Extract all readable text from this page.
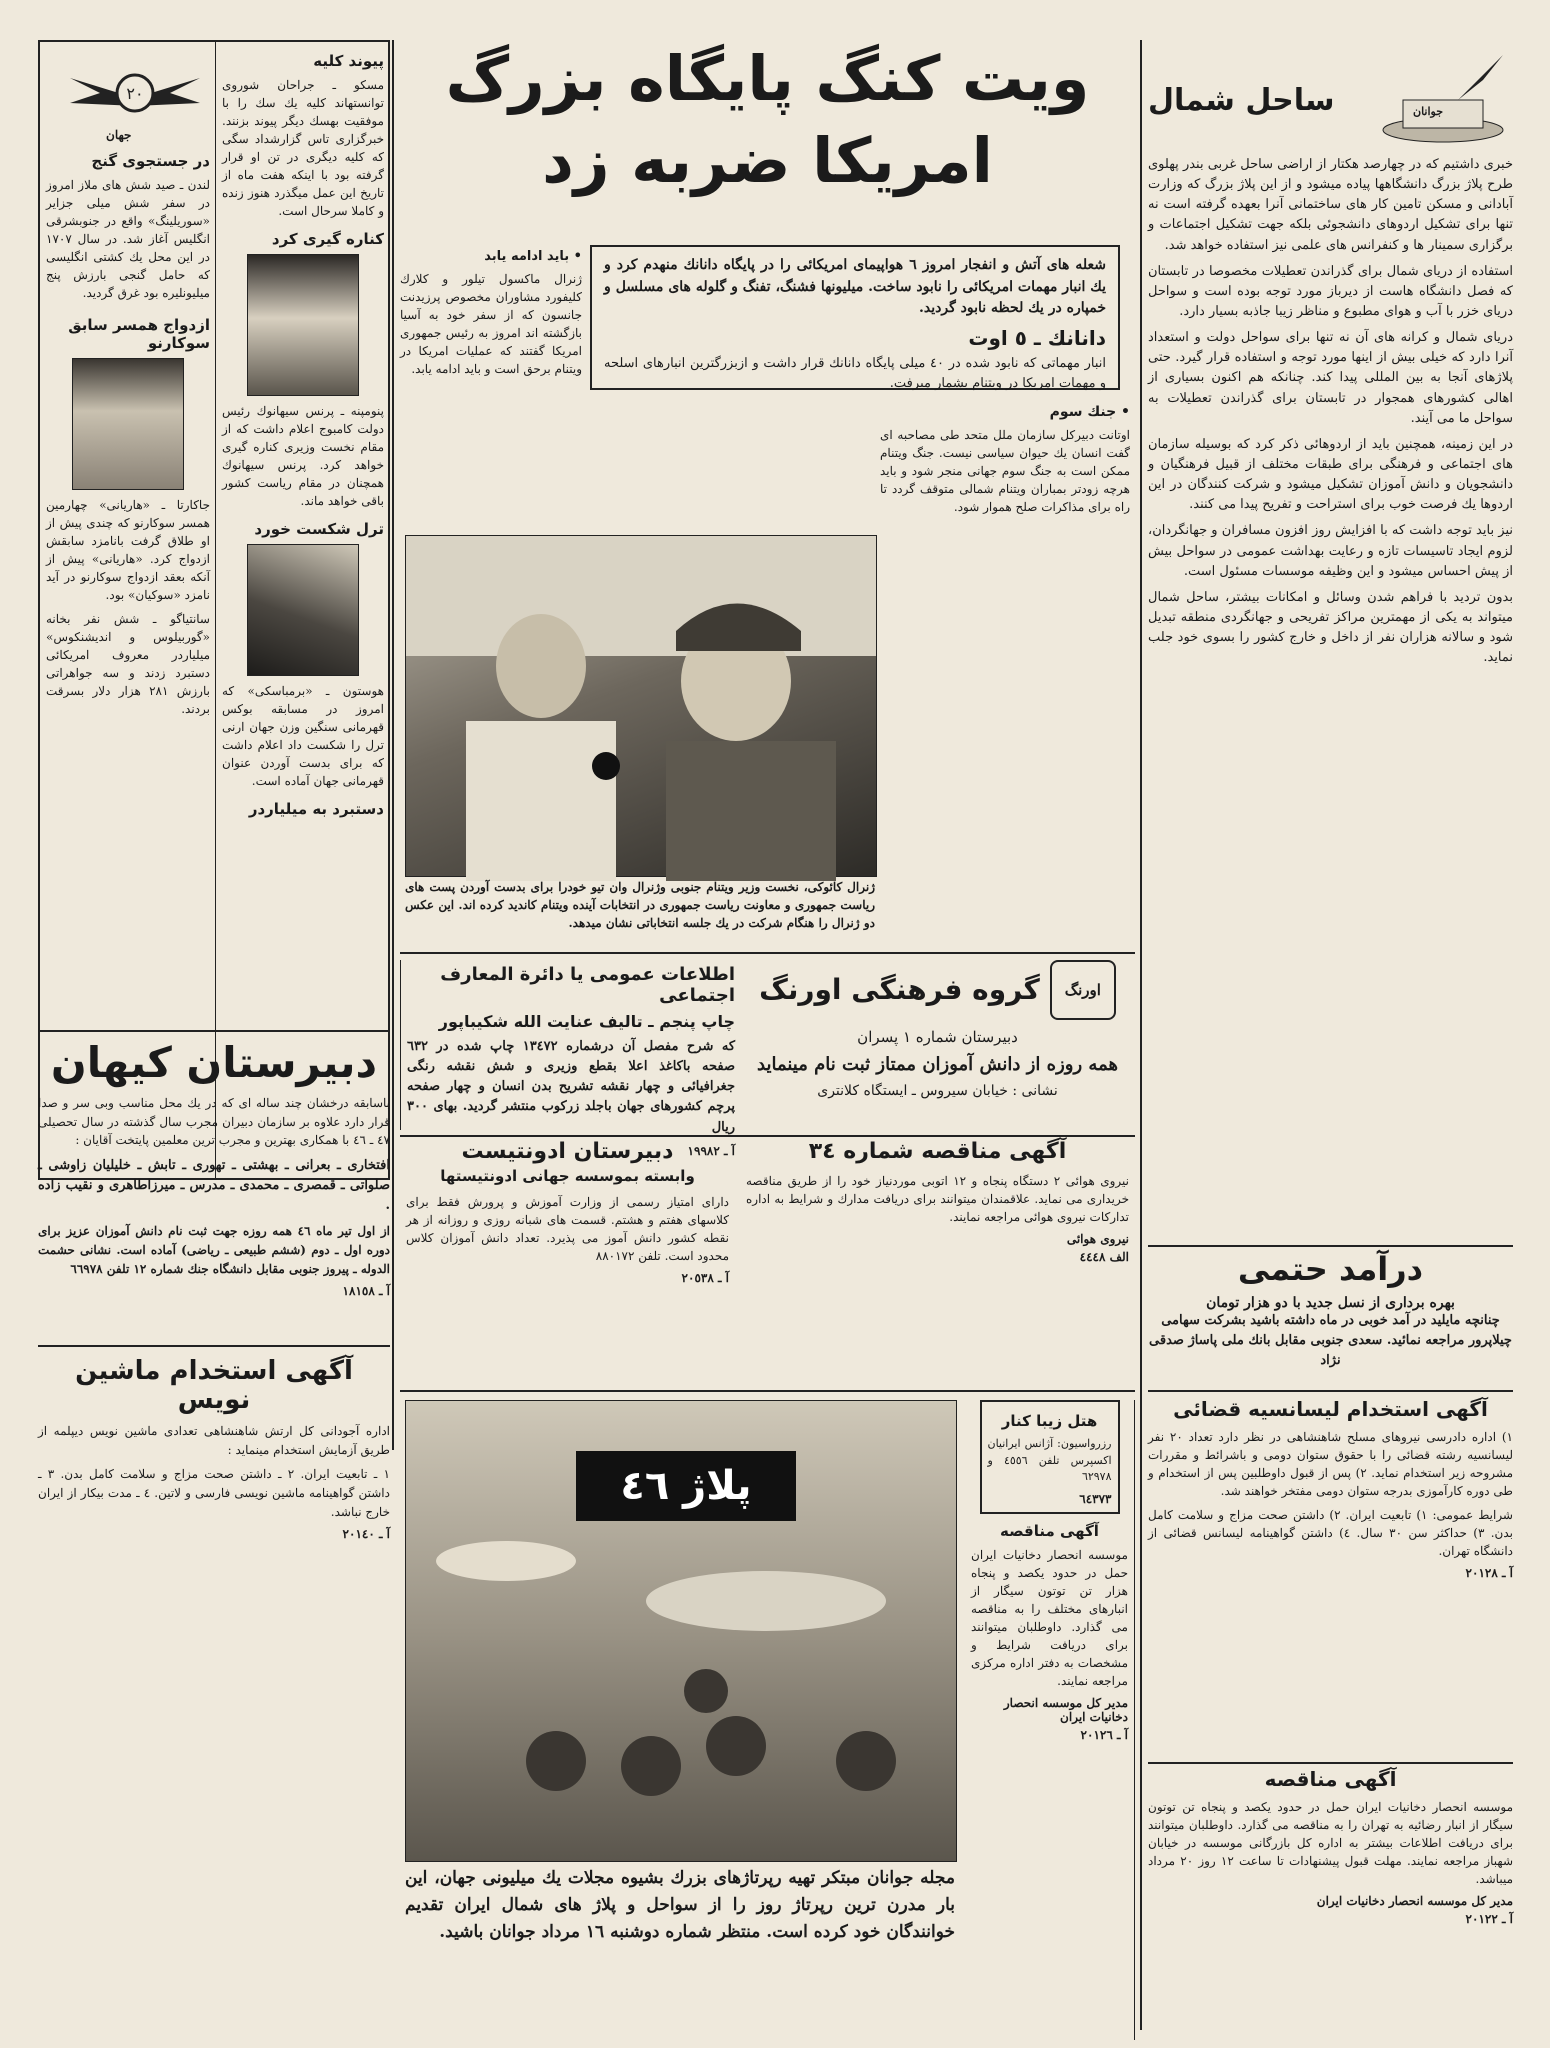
٢٠
جهان
در جستجوی گنج

لندن ـ صید شش های ملاز امروز در سفر شش میلی جزایر «سوریلینگ» واقع در جنوبشرقی انگلیس آغاز شد. در سال ۱۷۰۷ در این محل یك کشتی انگلیسی که حامل گنجی بارزش پنج میلیونلیره بود غرق گردید.

ازدواج همسر سابق سوکارنو

جاکارتا ـ «هاریانی» چهارمین همسر سوکارنو که چندی پیش از او طلاق گرفت بانامزد سابقش ازدواج کرد. «هاریانی» پیش از آنکه بعقد ازدواج سوکارنو در آید نامزد «سوکیان» بود.

سانتیاگو ـ شش نفر بخانه «گوربیلوس و اندیشنکوس» میلیاردر معروف امریکائی دستبرد زدند و سه جواهراتی بارزش ۲۸۱ هزار دلار بسرقت بردند.

پیوند کلیه

مسکو ـ جراحان شوروی توانستهاند کلیه یك سك را با موفقیت بهسك دیگر پیوند بزنند. خبرگزاری تاس گزارشداد سگی که کلیه دیگری در تن او قرار گرفته بود با اینکه هفت ماه از تاریخ این عمل میگذرد هنوز زنده و کاملا سرحال است.

کناره گیری کرد

پنومپنه ـ پرنس سیهانوك رئیس دولت کامبوج اعلام داشت که از مقام نخست وزیری کناره گیری خواهد کرد. پرنس سیهانوك همچنان در مقام ریاست کشور باقی خواهد ماند.

ترل شکست خورد

هوستون ـ «برمباسکی» که امروز در مسابقه بوکس قهرمانی سنگین وزن جهان ارنی ترل را شکست داد اعلام داشت که برای بدست آوردن عنوان قهرمانی جهان آماده است.

دستبرد به میلیاردر
دبیرستان کیهان

باسابقه درخشان چند ساله ای که در یك محل مناسب وبی سر و صدا قرار دارد علاوه بر سازمان دبیران مجرب سال گذشته در سال تحصیلی ٤٧ ـ ٤٦ با همکاری بهترین و مجرب ترین معلمین پایتخت آقایان :

افتخاری ـ بعرانی ـ بهشتی ـ تهوری ـ تابش ـ خلیلیان زاوشی ـ صلواتی ـ قمصری ـ محمدی ـ مدرس ـ میرزاطاهری و نقیب زاده .

از اول تیر ماه ٤٦ همه روزه جهت ثبت نام دانش آموزان عزیز برای دوره اول ـ دوم (ششم طبیعی ـ ریاضی) آماده است. نشانی حشمت الدوله ـ پیروز جنوبی مقابل دانشگاه جنك شماره ١٢ تلفن ٦٦٩٧٨

آ ـ ١٨١٥٨
آگهی استخدام ماشین نویس

اداره آجودانی کل ارتش شاهنشاهی تعدادی ماشین نویس دیپلمه از طریق آزمایش استخدام مینماید :

١ ـ تابعیت ایران. ٢ ـ داشتن صحت مزاج و سلامت کامل بدن. ٣ ـ داشتن گواهینامه ماشین نویسی فارسی و لاتین. ٤ ـ مدت بیکار از ایران خارج نباشد.

آ ـ ٢٠١٤٠
ویت کنگ پایگاه بزرگ
امریکا ضربه زد

شعله های آتش و انفجار امروز ٦ هواپیمای امریکائی را در پایگاه دانانك منهدم کرد و یك انبار مهمات امریکائی را نابود ساخت. میلیونها فشنگ، تفنگ و گلوله های مسلسل و خمپاره در یك لحظه نابود گردید.

دانانك ـ ٥ اوت

انبار مهماتی که نابود شده در ٤٠ میلی پایگاه دانانك قرار داشت و ازبزرگترین انبارهای اسلحه و مهمات امریکا در ویتنام بشمار میرفت.

• باید ادامه یابد

ژنرال ماکسول تیلور و کلارك کلیفورد مشاوران مخصوص پرزیدنت جانسون که از سفر خود به آسیا بازگشته اند امروز به رئیس جمهوری امریکا گفتند که عملیات امریکا در ویتنام برحق است و باید ادامه یابد.

• جنك سوم

اوتانت دبیرکل سازمان ملل متحد طی مصاحبه ای گفت انسان یك حیوان سیاسی نیست. جنگ ویتنام ممکن است به جنگ سوم جهانی منجر شود و باید هرچه زودتر بمباران ویتنام شمالی متوقف گردد تا راه برای مذاکرات صلح هموار شود.

ژنرال کائوکی، نخست وزیر ویتنام جنوبی وژنرال وان تیو خودرا برای بدست آوردن پست های ریاست جمهوری و معاونت ریاست جمهوری در انتخابات آینده ویتنام کاندید کرده اند. این عکس دو ژنرال را هنگام شرکت در یك جلسه انتخاباتی نشان میدهد.

اطلاعات عمومی یا دائرة المعارف اجتماعی
چاپ پنجم ـ تالیف عنایت الله شکیباپور

که شرح مفصل آن درشماره ١٣٤٧٢ چاپ شده در ٦٣٢ صفحه باکاغذ اعلا بقطع وزیری و شش نقشه رنگی جغرافیائی و چهار نقشه تشریح بدن انسان و چهار صفحه پرچم کشورهای جهان باجلد زرکوب منتشر گردید. بهای ۳۰۰ ریال

آ ـ ١٩٩٨٢
گروه فرهنگی اورنگ	اورنگ
دبیرستان شماره ۱ پسران
همه روزه از دانش آموزان ممتاز ثبت نام مینماید
نشانی : خیابان سیروس ـ ایستگاه کلانتری
دبیرستان ادونتیست
وابسته بموسسه جهانی ادونتیستها

دارای امتیاز رسمی از وزارت آموزش و پرورش فقط برای کلاسهای هفتم و هشتم. قسمت های شبانه روزی و روزانه از هر نقطه کشور دانش آموز می پذیرد. تعداد دانش آموزان کلاس محدود است. تلفن ٨٨٠١٧٢

آ ـ ٢٠٥٣٨
آگهی مناقصه شماره ٣٤

نیروی هوائی ۲ دستگاه پنجاه و ۱۲ اتوبی موردنیاز خود را از طریق مناقصه خریداری می نماید. علاقمندان میتوانند برای دریافت مدارك و شرایط به اداره تدارکات نیروی هوائی مراجعه نمایند.

نیروی هوائی
الف ٤٤٤٨
پلاژ ٤٦

مجله جوانان مبتکر تهیه رپرتاژهای بزرك بشیوه مجلات یك میلیونی جهان، این بار مدرن ترین رپرتاژ روز را از سواحل و پلاژ های شمال ایران تقدیم خوانندگان خود کرده است. منتظر شماره دوشنبه ١٦ مرداد جوانان باشید.

هتل زیبا کنار

رزرواسیون: آژانس ایرانیان اکسپرس تلفن ٤٥٥٦ و ٦٢٩٧٨

٦٤٣٧٣
آگهی مناقصه

موسسه انحصار دخانیات ایران حمل در حدود یکصد و پنجاه هزار تن توتون سیگار از انبارهای مختلف را به مناقصه می گذارد. داوطلبان میتوانند برای دریافت شرایط و مشخصات به دفتر اداره مرکزی مراجعه نمایند.

مدیر کل موسسه انحصار دخانیات ایران
آ ـ ٢٠١٢٦
ساحل شمال	جوانان

خبری داشتیم که در چهارصد هکتار از اراضی ساحل غربی بندر پهلوی طرح پلاژ بزرگ دانشگاهها پیاده میشود و از این پلاژ بزرگ که وزارت آبادانی و مسکن تامین کار های ساختمانی آنرا بعهده گرفته است نه تنها برای تشکیل اردوهای دانشجوئی بلکه جهت تشکیل اجتماعات و برگزاری سمینار ها و کنفرانس های علمی نیز استفاده خواهد شد.

استفاده از دریای شمال برای گذراندن تعطیلات مخصوصا در تابستان که فصل دانشگاه هاست از دیرباز مورد توجه بوده است و سواحل دریای خزر با آب و هوای مطبوع و مناظر زیبا جاذبه بسیار دارد.

دریای شمال و کرانه های آن نه تنها برای سواحل دولت و استعداد آنرا دارد که خیلی بیش از اینها مورد توجه و استفاده قرار گیرد. حتی پلاژهای آنجا به بین المللی پیدا کند. چنانکه هم اکنون بسیاری از اهالی کشورهای همجوار در تابستان برای گذراندن تعطیلات به سواحل ما می آیند.

در این زمینه، همچنین باید از اردوهائی ذکر کرد که بوسیله سازمان های اجتماعی و فرهنگی برای طبقات مختلف از قبیل فرهنگیان و دانشجویان و دانش آموزان تشکیل میشود و شرکت کنندگان در این اردوها یك فرصت خوب برای استراحت و تفریح پیدا می کنند.

نیز باید توجه داشت که با افزایش روز افزون مسافران و جهانگردان، لزوم ایجاد تاسیسات تازه و رعایت بهداشت عمومی در سواحل بیش از پیش احساس میشود و این وظیفه موسسات مسئول است.

بدون تردید با فراهم شدن وسائل و امکانات بیشتر، ساحل شمال میتواند به یکی از مهمترین مراکز تفریحی و جهانگردی منطقه تبدیل شود و سالانه هزاران نفر از داخل و خارج کشور را بسوی خود جلب نماید.

درآمد حتمی
بهره برداری از نسل جدید با دو هزار تومان

چنانچه مایلید در آمد خوبی در ماه داشته باشید بشرکت سهامی چیلاپرور مراجعه نمائید. سعدی جنوبی مقابل بانك ملی پاساژ صدقی نژاد

آگهی استخدام لیسانسیه قضائی

١) اداره دادرسی نیروهای مسلح شاهنشاهی در نظر دارد تعداد ٢٠ نفر لیسانسیه رشته قضائی را با حقوق ستوان دومی و باشرائط و مقررات مشروحه زیر استخدام نماید. ٢) پس از قبول داوطلبین پس از استخدام و طی دوره کارآموزی بدرجه ستوان دومی مفتخر خواهند شد.

شرایط عمومی: ١) تابعیت ایران. ٢) داشتن صحت مزاج و سلامت کامل بدن. ٣) حداکثر سن ٣٠ سال. ٤) داشتن گواهینامه لیسانس قضائی از دانشگاه تهران.

آ ـ ٢٠١٢٨
آگهی مناقصه

موسسه انحصار دخانیات ایران حمل در حدود یکصد و پنجاه تن توتون سیگار از انبار رضائیه به تهران را به مناقصه می گذارد. داوطلبان میتوانند برای دریافت اطلاعات بیشتر به اداره کل بازرگانی موسسه در خیابان شهباز مراجعه نمایند. مهلت قبول پیشنهادات تا ساعت ١٢ روز ٢٠ مرداد میباشد.

مدیر کل موسسه انحصار دخانیات ایران
آ ـ ٢٠١٢٢
